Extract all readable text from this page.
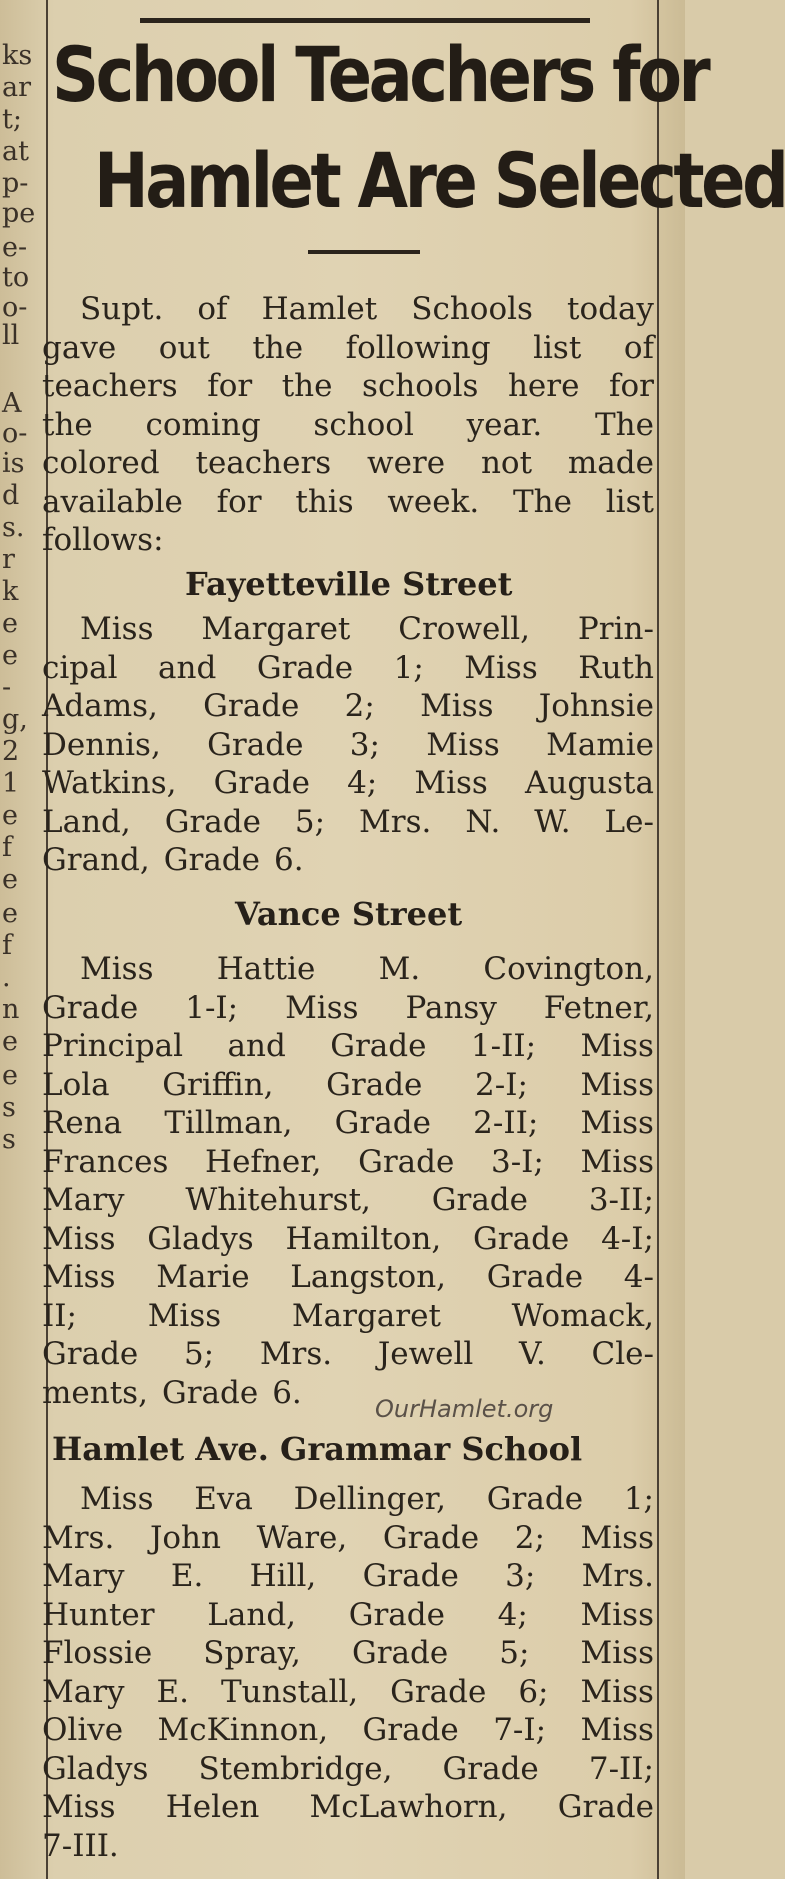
ks
ar
t;
at
p-
pe
e-
to
o-
ll
A
o-
is
d
s.
r
k
e
e
-
g,
2
1
e
f
e
e
f
.
n
e
e
s
s
School Teachers for
Hamlet Are Selected
Supt. of Hamlet Schools today
gave out the following list of
teachers for the schools here for
the coming school year. The
colored teachers were not made
available for this week. The list
follows:
Fayetteville Street
Miss Margaret Crowell, Prin-
cipal and Grade 1; Miss Ruth
Adams, Grade 2; Miss Johnsie
Dennis, Grade 3; Miss Mamie
Watkins, Grade 4; Miss Augusta
Land, Grade 5; Mrs. N. W. Le-
Grand, Grade 6.
Vance Street
Miss Hattie M. Covington,
Grade 1-I; Miss Pansy Fetner,
Principal and Grade 1-II; Miss
Lola Griffin, Grade 2-I; Miss
Rena Tillman, Grade 2-II; Miss
Frances Hefner, Grade 3-I; Miss
Mary Whitehurst, Grade 3-II;
Miss Gladys Hamilton, Grade 4-I;
Miss Marie Langston, Grade 4-
II; Miss Margaret Womack,
Grade 5; Mrs. Jewell V. Cle-
ments, Grade 6.
Hamlet Ave. Grammar School
Miss Eva Dellinger, Grade 1;
Mrs. John Ware, Grade 2; Miss
Mary E. Hill, Grade 3; Mrs.
Hunter Land, Grade 4; Miss
Flossie Spray, Grade 5; Miss
Mary E. Tunstall, Grade 6; Miss
Olive McKinnon, Grade 7-I; Miss
Gladys Stembridge, Grade 7-II;
Miss Helen McLawhorn, Grade
7-III.
OurHamlet.org
